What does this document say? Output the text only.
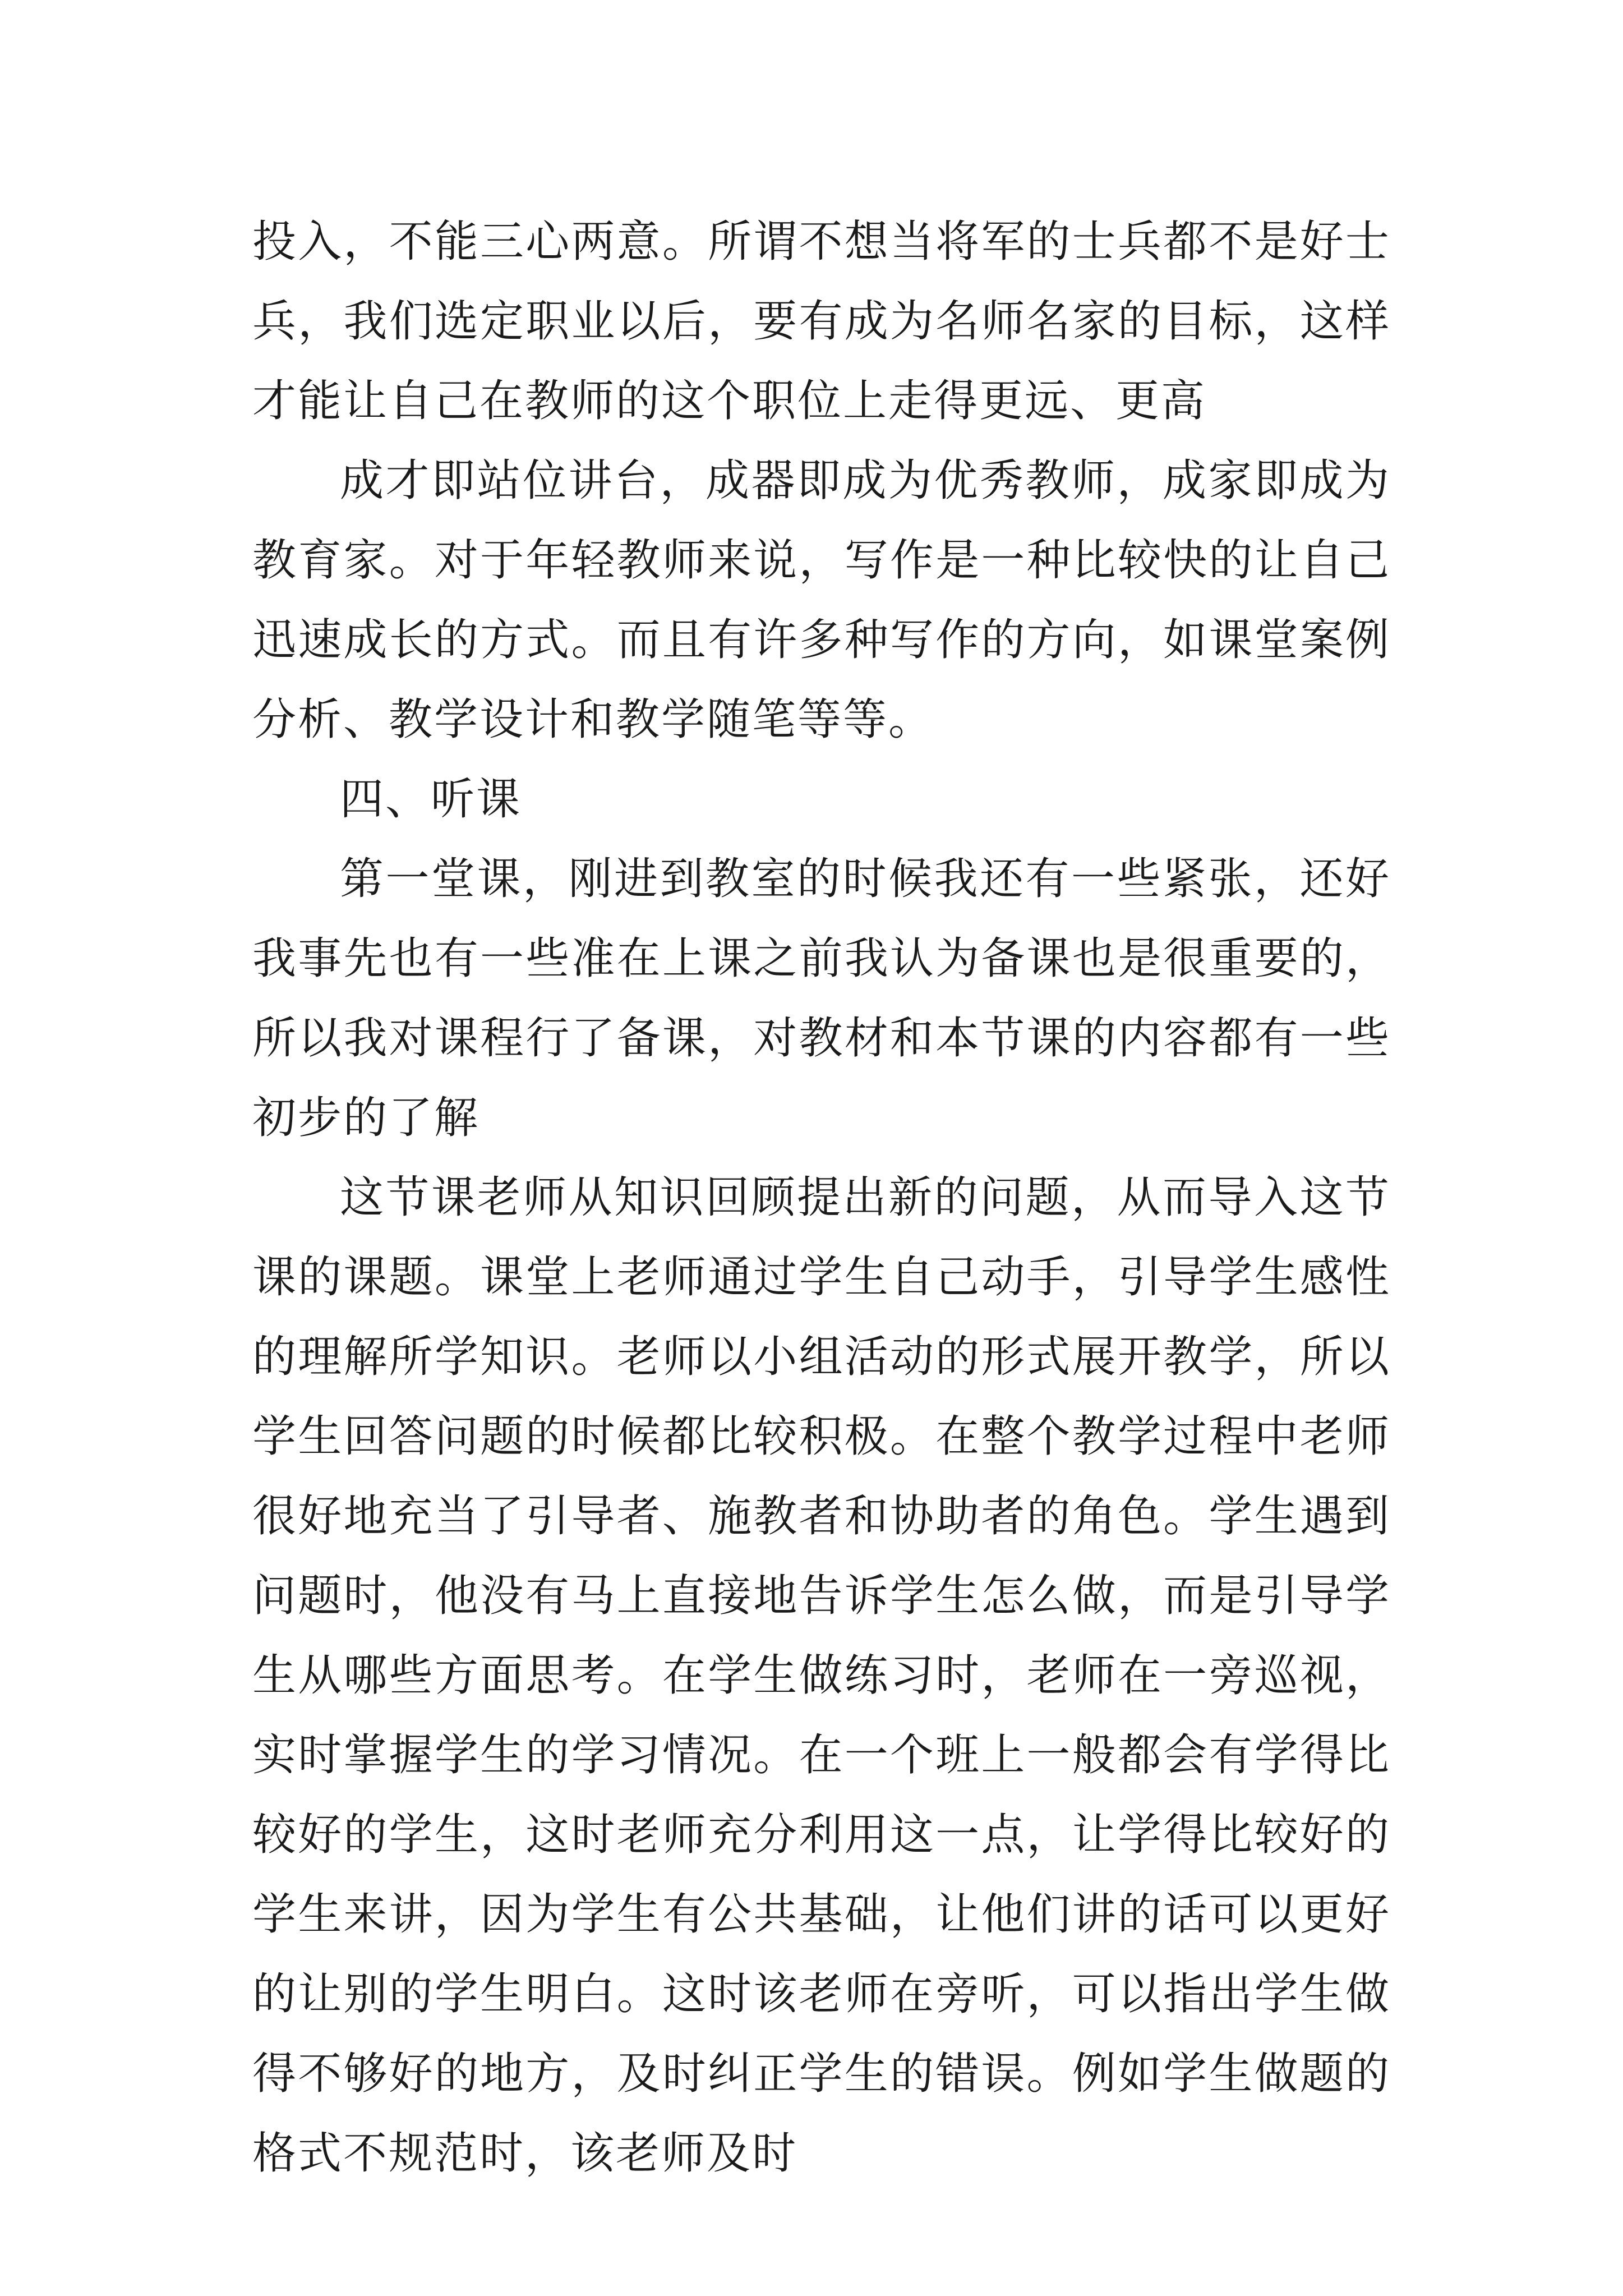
投入，不能三心两意。所谓不想当将军的士兵都不是好士兵，我们选定职业以后，要有成为名师名家的目标，这样才能让自己在教师的这个职位上走得更远、更高

成才即站位讲台，成器即成为优秀教师，成家即成为教育家。对于年轻教师来说，写作是一种比较快的让自己迅速成长的方式。而且有许多种写作的方向，如课堂案例分析、教学设计和教学随笔等等。

四、听课

第一堂课，刚进到教室的时候我还有一些紧张，还好我事先也有一些准在上课之前我认为备课也是很重要的，所以我对课程行了备课，对教材和本节课的内容都有一些初步的了解

这节课老师从知识回顾提出新的问题，从而导入这节课的课题。课堂上老师通过学生自己动手，引导学生感性的理解所学知识。老师以小组活动的形式展开教学，所以学生回答问题的时候都比较积极。在整个教学过程中老师很好地充当了引导者、施教者和协助者的角色。学生遇到问题时，他没有马上直接地告诉学生怎么做，而是引导学生从哪些方面思考。在学生做练习时，老师在一旁巡视，实时掌握学生的学习情况。在一个班上一般都会有学得比较好的学生，这时老师充分利用这一点，让学得比较好的学生来讲，因为学生有公共基础，让他们讲的话可以更好的让别的学生明白。这时该老师在旁听，可以指出学生做得不够好的地方，及时纠正学生的错误。例如学生做题的格式不规范时，该老师及时
